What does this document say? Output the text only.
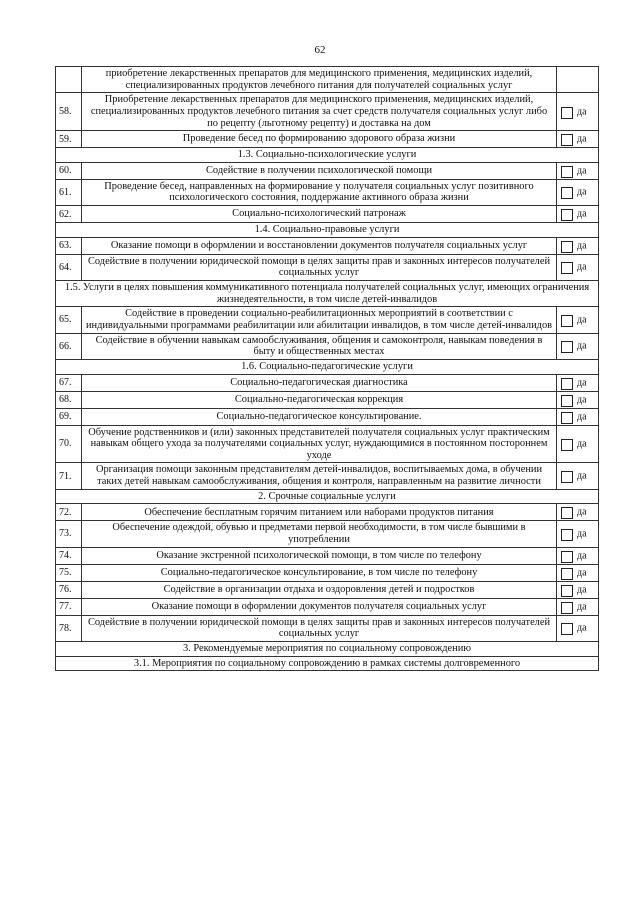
62
	приобретение лекарственных препаратов для медицинского применения, медицинских изделий, специализированных продуктов лечебного питания для получателей социальных услуг	
58.	Приобретение лекарственных препаратов для медицинского применения, медицинских изделий, специализированных продуктов лечебного питания за счет средств получателя социальных услуг либо по рецепту (льготному рецепту) и доставка на дом	да
59.	Проведение бесед по формированию здорового образа жизни	да
1.3. Социально-психологические услуги		
60.	Содействие в получении психологической помощи	да
61.	Проведение бесед, направленных на формирование у получателя социальных услуг позитивного психологического состояния, поддержание активного образа жизни	да
62.	Социально-психологический патронаж	да
1.4. Социально-правовые услуги		
63.	Оказание помощи в оформлении и восстановлении документов получателя социальных услуг	да
64.	Содействие в получении юридической помощи в целях защиты прав и законных интересов получателей социальных услуг	да
1.5. Услуги в целях повышения коммуникативного потенциала получателей социальных услуг, имеющих ограничения жизнедеятельности, в том числе детей-инвалидов		
65.	Содействие в проведении социально-реабилитационных мероприятий в соответствии с индивидуальными программами реабилитации или абилитации инвалидов, в том числе детей-инвалидов	да
66.	Содействие в обучении навыкам самообслуживания, общения и самоконтроля, навыкам поведения в быту и общественных местах	да
1.6. Социально-педагогические услуги		
67.	Социально-педагогическая диагностика	да
68.	Социально-педагогическая коррекция	да
69.	Социально-педагогическое консультирование.	да
70.	Обучение родственников и (или) законных представителей получателя социальных услуг практическим навыкам общего ухода за получателями социальных услуг, нуждающимися в постоянном постороннем уходе	да
71.	Организация помощи законным представителям детей-инвалидов, воспитываемых дома, в обучении таких детей навыкам самообслуживания, общения и контроля, направленным на развитие личности	да
2. Срочные социальные услуги		
72.	Обеспечение бесплатным горячим питанием или наборами продуктов питания	да
73.	Обеспечение одеждой, обувью и предметами первой необходимости, в том числе бывшими в употреблении	да
74.	Оказание экстренной психологической помощи, в том числе по телефону	да
75.	Социально-педагогическое консультирование, в том числе по телефону	да
76.	Содействие в организации отдыха и оздоровления детей и подростков	да
77.	Оказание помощи в оформлении документов получателя социальных услуг	да
78.	Содействие в получении юридической помощи в целях защиты прав и законных интересов получателей социальных услуг	да
3. Рекомендуемые мероприятия по социальному сопровождению		
3.1. Мероприятия по социальному сопровождению в рамках системы долговременного		
